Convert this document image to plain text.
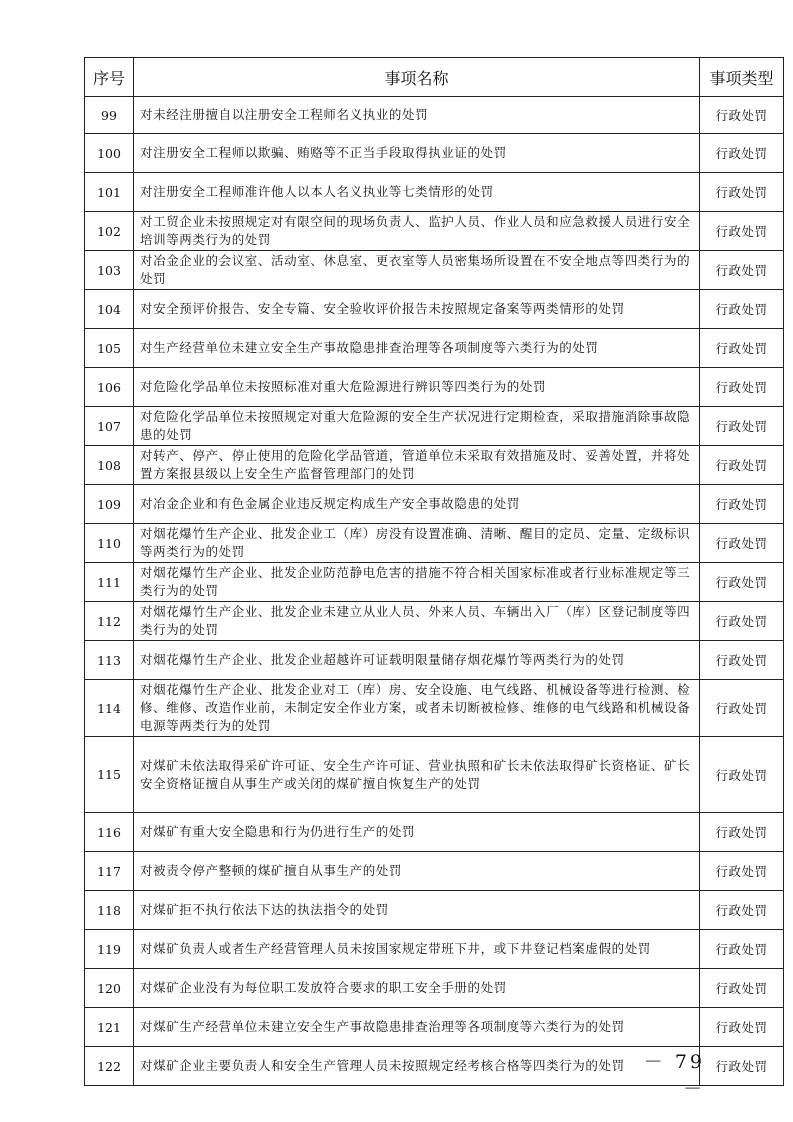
序号	事项名称	事项类型
99	对未经注册擅自以注册安全工程师名义执业的处罚	行政处罚
100	对注册安全工程师以欺骗、贿赂等不正当手段取得执业证的处罚	行政处罚
101	对注册安全工程师准许他人以本人名义执业等七类情形的处罚	行政处罚
102	对工贸企业未按照规定对有限空间的现场负责人、监护人员、作业人员和应急救援人员进行安全培训等两类行为的处罚	行政处罚
103	对冶金企业的会议室、活动室、休息室、更衣室等人员密集场所设置在不安全地点等四类行为的处罚	行政处罚
104	对安全预评价报告、安全专篇、安全验收评价报告未按照规定备案等两类情形的处罚	行政处罚
105	对生产经营单位未建立安全生产事故隐患排查治理等各项制度等六类行为的处罚	行政处罚
106	对危险化学品单位未按照标准对重大危险源进行辨识等四类行为的处罚	行政处罚
107	对危险化学品单位未按照规定对重大危险源的安全生产状况进行定期检查，采取措施消除事故隐患的处罚	行政处罚
108	对转产、停产、停止使用的危险化学品管道，管道单位未采取有效措施及时、妥善处置，并将处置方案报县级以上安全生产监督管理部门的处罚	行政处罚
109	对冶金企业和有色金属企业违反规定构成生产安全事故隐患的处罚	行政处罚
110	对烟花爆竹生产企业、批发企业工（库）房没有设置准确、清晰、醒目的定员、定量、定级标识等两类行为的处罚	行政处罚
111	对烟花爆竹生产企业、批发企业防范静电危害的措施不符合相关国家标准或者行业标准规定等三类行为的处罚	行政处罚
112	对烟花爆竹生产企业、批发企业未建立从业人员、外来人员、车辆出入厂（库）区登记制度等四类行为的处罚	行政处罚
113	对烟花爆竹生产企业、批发企业超越许可证载明限量储存烟花爆竹等两类行为的处罚	行政处罚
114	对烟花爆竹生产企业、批发企业对工（库）房、安全设施、电气线路、机械设备等进行检测、检修、维修、改造作业前，未制定安全作业方案，或者未切断被检修、维修的电气线路和机械设备电源等两类行为的处罚	行政处罚
115	对煤矿未依法取得采矿许可证、安全生产许可证、营业执照和矿长未依法取得矿长资格证、矿长安全资格证擅自从事生产或关闭的煤矿擅自恢复生产的处罚	行政处罚
116	对煤矿有重大安全隐患和行为仍进行生产的处罚	行政处罚
117	对被责令停产整顿的煤矿擅自从事生产的处罚	行政处罚
118	对煤矿拒不执行依法下达的执法指令的处罚	行政处罚
119	对煤矿负责人或者生产经营管理人员未按国家规定带班下井，或下井登记档案虚假的处罚	行政处罚
120	对煤矿企业没有为每位职工发放符合要求的职工安全手册的处罚	行政处罚
121	对煤矿生产经营单位未建立安全生产事故隐患排查治理等各项制度等六类行为的处罚	行政处罚
122	对煤矿企业主要负责人和安全生产管理人员未按照规定经考核合格等四类行为的处罚	行政处罚
－ 79 －
